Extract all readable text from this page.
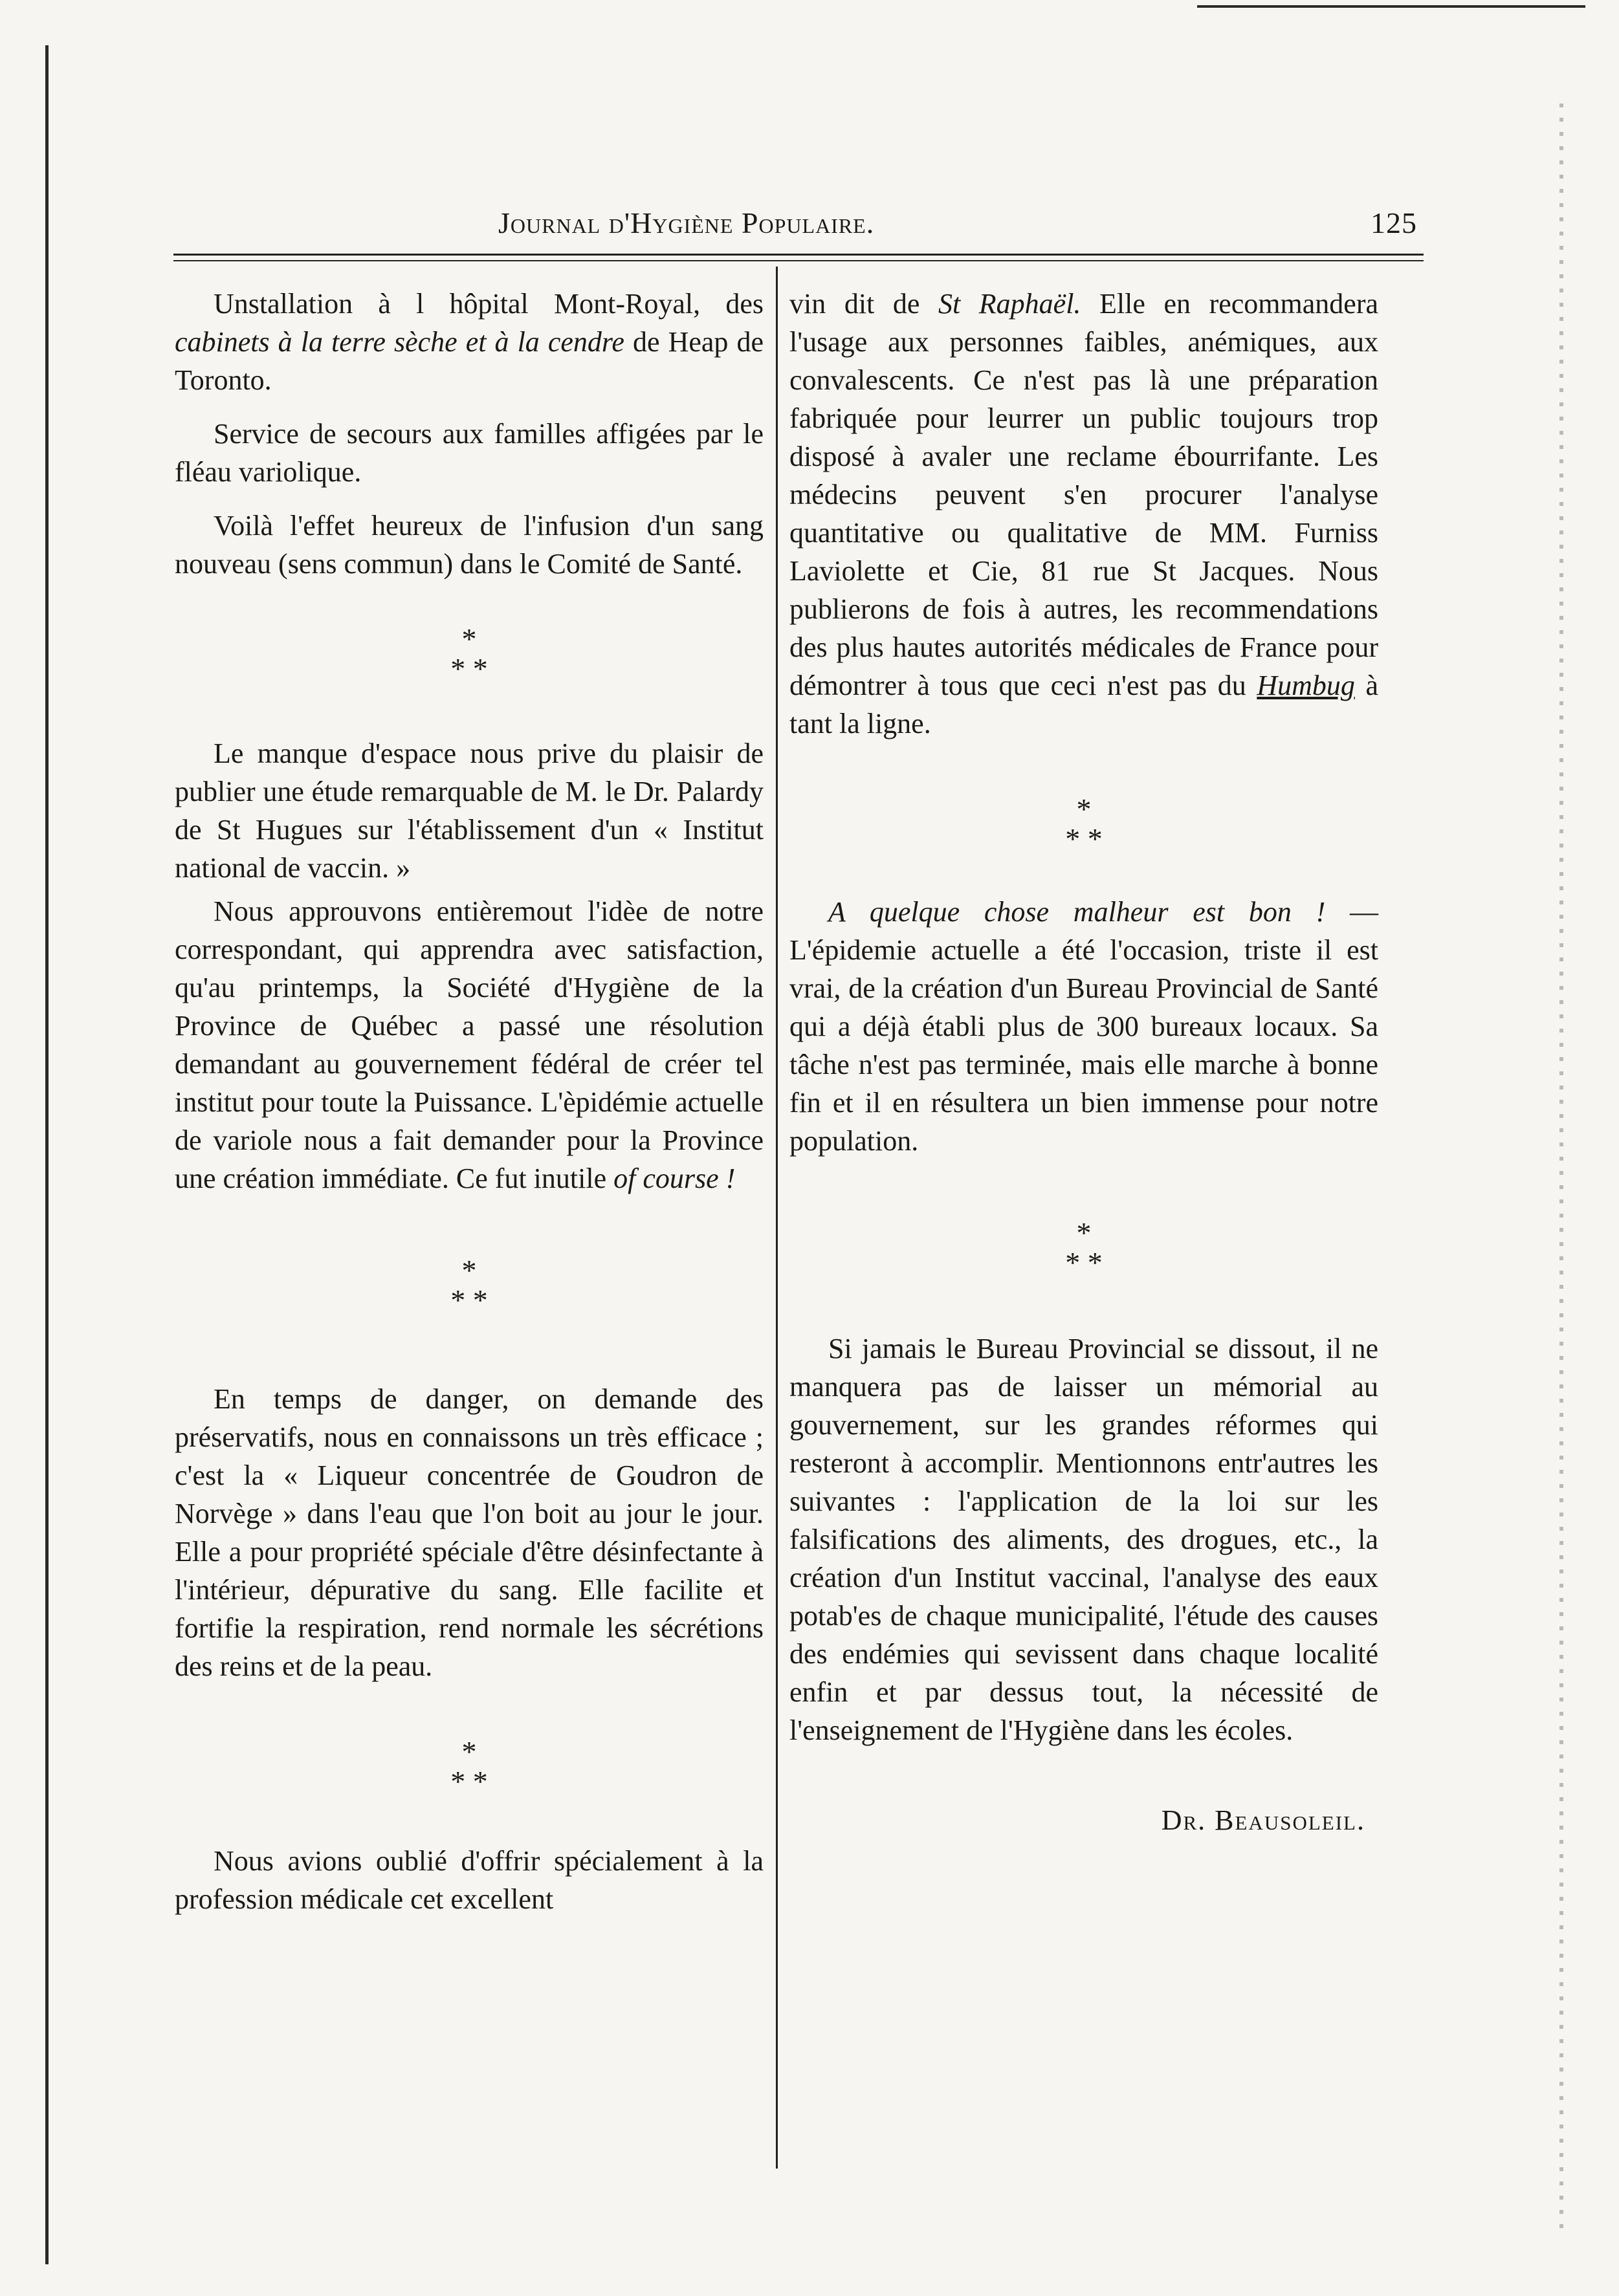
Journal d'Hygiène Populaire.	125

Unstallation à l hôpital Mont-Royal, des cabinets à la terre sèche et à la cendre de Heap de Toronto.

Service de secours aux familles affigées par le fléau variolique.

Voilà l'effet heureux de l'infusion d'un sang nouveau (sens commun) dans le Comité de Santé.

*
* *

Le manque d'espace nous prive du plaisir de publier une étude remarquable de M. le Dr. Palardy de St Hugues sur l'établissement d'un « Institut national de vaccin. »

Nous approuvons entièremout l'idèe de notre correspondant, qui apprendra avec satisfaction, qu'au printemps, la Société d'Hygiène de la Province de Québec a passé une résolution demandant au gouvernement fédéral de créer tel institut pour toute la Puissance. L'èpidémie actuelle de variole nous a fait demander pour la Province une création immédiate. Ce fut inutile of course !

*
* *

En temps de danger, on demande des préservatifs, nous en connaissons un très efficace ; c'est la « Liqueur concentrée de Goudron de Norvège » dans l'eau que l'on boit au jour le jour. Elle a pour propriété spéciale d'être désinfectante à l'intérieur, dépurative du sang. Elle facilite et fortifie la respiration, rend normale les sécrétions des reins et de la peau.

*
* *

Nous avions oublié d'offrir spécialement à la profession médicale cet excellent

vin dit de St Raphaël. Elle en recommandera l'usage aux personnes faibles, anémiques, aux convalescents. Ce n'est pas là une préparation fabriquée pour leurrer un public toujours trop disposé à avaler une reclame ébourrifante. Les médecins peuvent s'en procurer l'analyse quantitative ou qualitative de MM. Furniss Laviolette et Cie, 81 rue St Jacques. Nous publierons de fois à autres, les recommendations des plus hautes autorités médicales de France pour démontrer à tous que ceci n'est pas du Humbug à tant la ligne.

*
* *

A quelque chose malheur est bon ! — L'épidemie actuelle a été l'occasion, triste il est vrai, de la création d'un Bureau Provincial de Santé qui a déjà établi plus de 300 bureaux locaux. Sa tâche n'est pas terminée, mais elle marche à bonne fin et il en résultera un bien immense pour notre population.

*
* *

Si jamais le Bureau Provincial se dissout, il ne manquera pas de laisser un mémorial au gouvernement, sur les grandes réformes qui resteront à accomplir. Mentionnons entr'autres les suivantes : l'application de la loi sur les falsifications des aliments, des drogues, etc., la création d'un Institut vaccinal, l'analyse des eaux potab'es de chaque municipalité, l'étude des causes des endémies qui sevissent dans chaque localité enfin et par dessus tout, la nécessité de l'enseignement de l'Hygiène dans les écoles.

Dr. Beausoleil.
